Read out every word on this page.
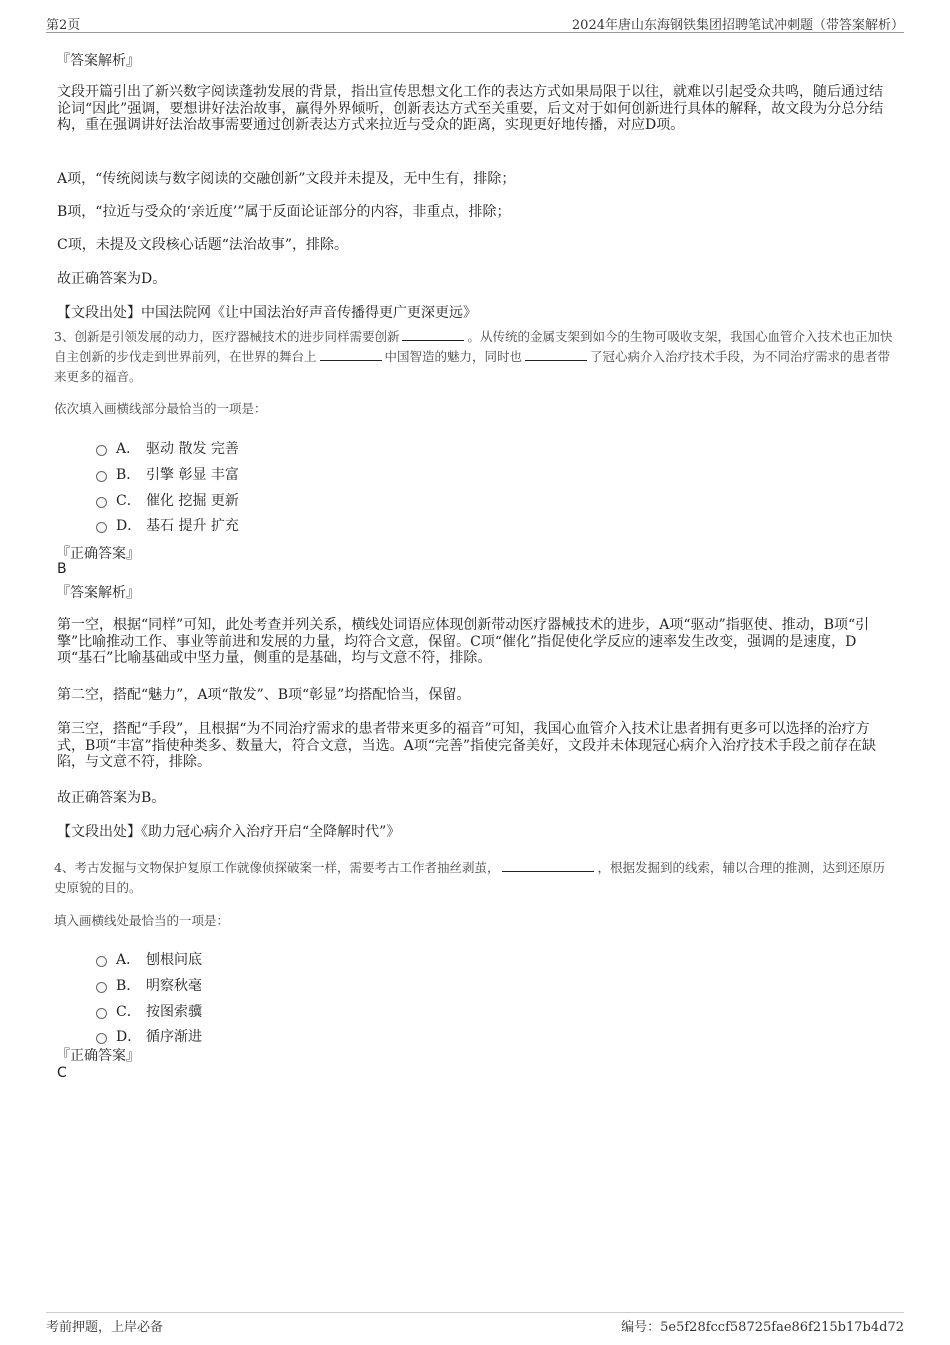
第2页	2024年唐山东海钢铁集团招聘笔试冲刺题（带答案解析）
『答案解析』
文段开篇引出了新兴数字阅读蓬勃发展的背景，指出宣传思想文化工作的表达方式如果局限于以往，就难以引起受众共鸣，随后通过结论词“因此”强调，要想讲好法治故事，赢得外界倾听，创新表达方式至关重要，后文对于如何创新进行具体的解释，故文段为分总分结构，重在强调讲好法治故事需要通过创新表达方式来拉近与受众的距离，实现更好地传播，对应D项。
A项，“传统阅读与数字阅读的交融创新”文段并未提及，无中生有，排除；
B项，“拉近与受众的‘亲近度’”属于反面论证部分的内容，非重点，排除；
C项，未提及文段核心话题“法治故事”，排除。
故正确答案为D。
【文段出处】中国法院网《让中国法治好声音传播得更广更深更远》
3、创新是引领发展的动力，医疗器械技术的进步同样需要创新	。从传统的金属支架到如今的生物可吸收支架，我国心血管介入技术也正加快自主创新的步伐走到世界前列，在世界的舞台上	中国智造的魅力，同时也	了冠心病介入治疗技术手段，为不同治疗需求的患者带来更多的福音。
依次填入画横线部分最恰当的一项是：
A． 驱动 散发 完善
B． 引擎 彰显 丰富
C． 催化 挖掘 更新
D． 基石 提升 扩充
『正确答案』
B
『答案解析』
第一空，根据“同样”可知，此处考查并列关系，横线处词语应体现创新带动医疗器械技术的进步，A项“驱动”指驱使、推动，B项“引擎”比喻推动工作、事业等前进和发展的力量，均符合文意，保留。C项“催化”指促使化学反应的速率发生改变，强调的是速度，D项“基石”比喻基础或中坚力量，侧重的是基础，均与文意不符，排除。
第二空，搭配“魅力”，A项“散发”、B项“彰显”均搭配恰当，保留。
第三空，搭配“手段”，且根据“为不同治疗需求的患者带来更多的福音”可知，我国心血管介入技术让患者拥有更多可以选择的治疗方式，B项“丰富”指使种类多、数量大，符合文意，当选。A项“完善”指使完备美好，文段并未体现冠心病介入治疗技术手段之前存在缺陷，与文意不符，排除。
故正确答案为B。
【文段出处】《助力冠心病介入治疗开启“全降解时代”》
4、考古发掘与文物保护复原工作就像侦探破案一样，需要考古工作者抽丝剥茧，	，根据发掘到的线索，辅以合理的推测，达到还原历史原貌的目的。
填入画横线处最恰当的一项是：
A． 刨根问底
B． 明察秋毫
C． 按图索骥
D． 循序渐进
『正确答案』
C
考前押题，上岸必备	编号：5e5f28fccf58725fae86f215b17b4d72
